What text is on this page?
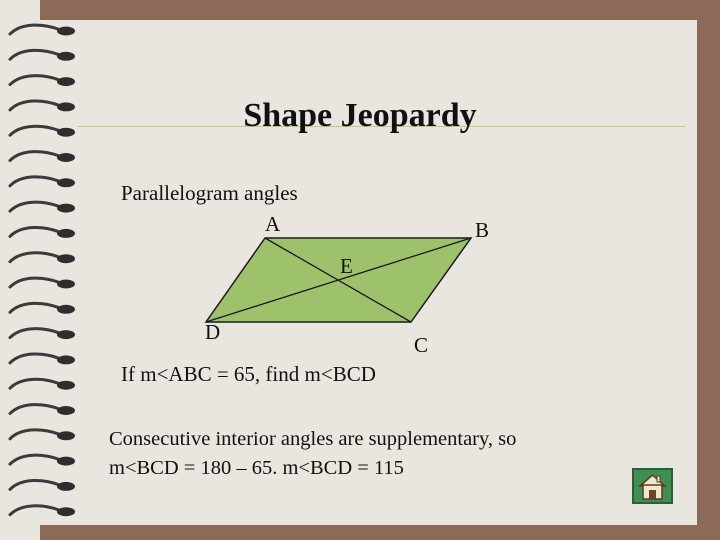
Shape Jeopardy
Parallelogram angles
A	B
C
D
E
If m<ABC = 65, find m<BCD
Consecutive interior angles are supplementary, so
m<BCD = 180 – 65. m<BCD = 115
